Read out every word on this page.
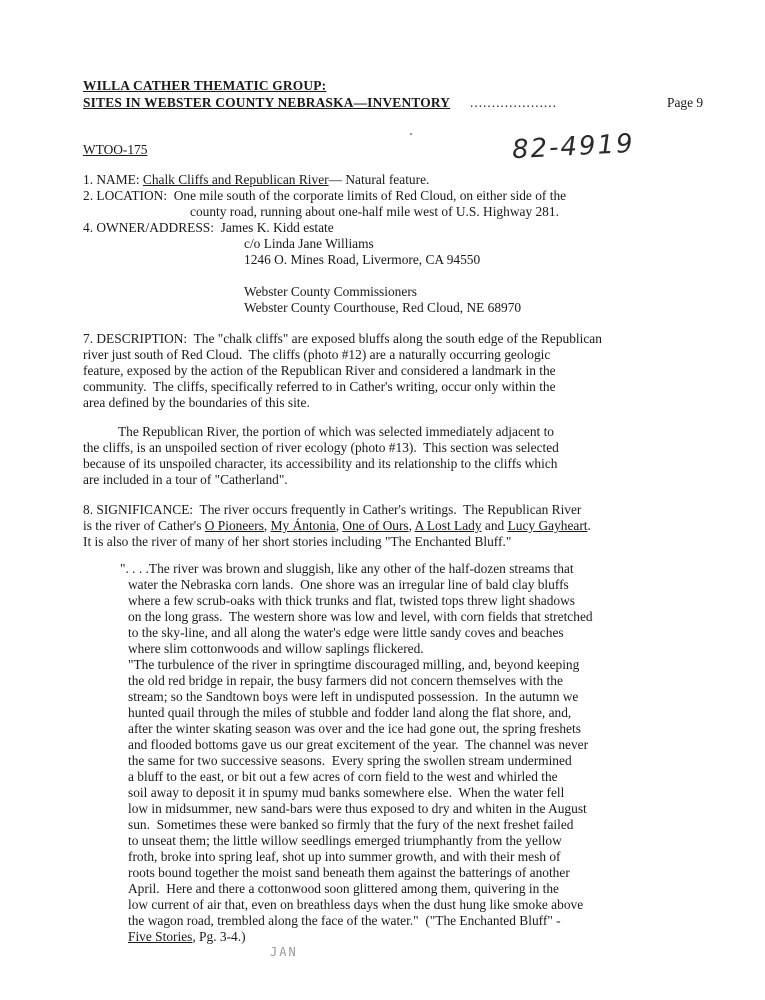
WILLA CATHER THEMATIC GROUP:
SITES IN WEBSTER COUNTY NEBRASKA—INVENTORY ....................	Page 9
WTOO-175	82-4919
1. NAME: Chalk Cliffs and Republican River— Natural feature.
2. LOCATION:  One mile south of the corporate limits of Red Cloud, on either side of the
county road, running about one-half mile west of U.S. Highway 281.
4. OWNER/ADDRESS:  James K. Kidd estate
c/o Linda Jane Williams
1246 O. Mines Road, Livermore, CA 94550
Webster County Commissioners
Webster County Courthouse, Red Cloud, NE 68970
7. DESCRIPTION:  The "chalk cliffs" are exposed bluffs along the south edge of the Republican
river just south of Red Cloud.  The cliffs (photo #12) are a naturally occurring geologic
feature, exposed by the action of the Republican River and considered a landmark in the
community.  The cliffs, specifically referred to in Cather's writing, occur only within the
area defined by the boundaries of this site.
The Republican River, the portion of which was selected immediately adjacent to
the cliffs, is an unspoiled section of river ecology (photo #13).  This section was selected
because of its unspoiled character, its accessibility and its relationship to the cliffs which
are included in a tour of "Catherland".
8. SIGNIFICANCE:  The river occurs frequently in Cather's writings.  The Republican River
is the river of Cather's O Pioneers, My Ántonia, One of Ours, A Lost Lady and Lucy Gayheart.
It is also the river of many of her short stories including "The Enchanted Bluff."
". . . .The river was brown and sluggish, like any other of the half-dozen streams that
water the Nebraska corn lands.  One shore was an irregular line of bald clay bluffs
where a few scrub-oaks with thick trunks and flat, twisted tops threw light shadows
on the long grass.  The western shore was low and level, with corn fields that stretched
to the sky-line, and all along the water's edge were little sandy coves and beaches
where slim cottonwoods and willow saplings flickered.
"The turbulence of the river in springtime discouraged milling, and, beyond keeping
the old red bridge in repair, the busy farmers did not concern themselves with the
stream; so the Sandtown boys were left in undisputed possession.  In the autumn we
hunted quail through the miles of stubble and fodder land along the flat shore, and,
after the winter skating season was over and the ice had gone out, the spring freshets
and flooded bottoms gave us our great excitement of the year.  The channel was never
the same for two successive seasons.  Every spring the swollen stream undermined
a bluff to the east, or bit out a few acres of corn field to the west and whirled the
soil away to deposit it in spumy mud banks somewhere else.  When the water fell
low in midsummer, new sand-bars were thus exposed to dry and whiten in the August
sun.  Sometimes these were banked so firmly that the fury of the next freshet failed
to unseat them; the little willow seedlings emerged triumphantly from the yellow
froth, broke into spring leaf, shot up into summer growth, and with their mesh of
roots bound together the moist sand beneath them against the batterings of another
April.  Here and there a cottonwood soon glittered among them, quivering in the
low current of air that, even on breathless days when the dust hung like smoke above
the wagon road, trembled along the face of the water."  ("The Enchanted Bluff" -
Five Stories, Pg. 3-4.)
JAN
